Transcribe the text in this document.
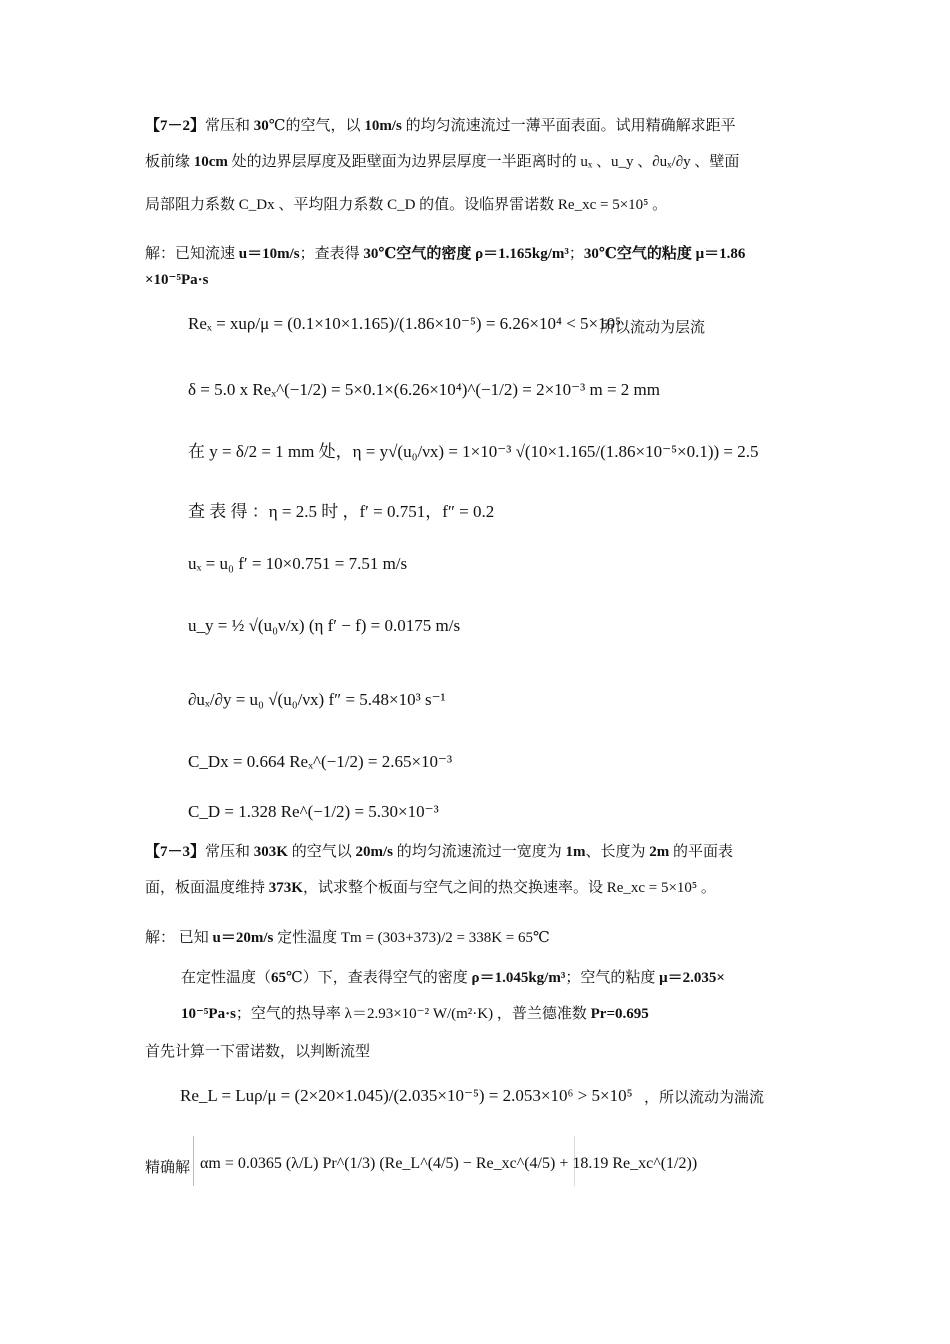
【7－2】常压和 30℃的空气，以 10m/s 的均匀流速流过一薄平面表面。试用精确解求距平
板前缘 10cm 处的边界层厚度及距壁面为边界层厚度一半距离时的 uₓ 、u_y 、∂uₓ/∂y 、壁面
局部阻力系数 C_Dx 、平均阻力系数 C_D 的值。设临界雷诺数 Re_xc = 5×10⁵ 。
解：已知流速 u＝10m/s；查表得 30℃空气的密度 ρ＝1.165kg/m³；30℃空气的粘度 μ＝1.86
×10⁻⁵Pa·s
Reₓ = xuρ/μ = (0.1×10×1.165)/(1.86×10⁻⁵) = 6.26×10⁴ < 5×10⁵
所以流动为层流
δ = 5.0 x Reₓ^(−1/2) = 5×0.1×(6.26×10⁴)^(−1/2) = 2×10⁻³ m = 2 mm
在 y = δ/2 = 1 mm 处，η = y√(u₀/νx) = 1×10⁻³ √(10×1.165/(1.86×10⁻⁵×0.1)) = 2.5
查 表 得 ：η = 2.5 时 ，f′ = 0.751，f″ = 0.2
uₓ = u₀ f′ = 10×0.751 = 7.51 m/s
u_y = ½ √(u₀ν/x) (η f′ − f) = 0.0175 m/s
∂uₓ/∂y = u₀ √(u₀/νx) f″ = 5.48×10³ s⁻¹
C_Dx = 0.664 Reₓ^(−1/2) = 2.65×10⁻³
C_D = 1.328 Re^(−1/2) = 5.30×10⁻³
【7－3】常压和 303K 的空气以 20m/s 的均匀流速流过一宽度为 1m、长度为 2m 的平面表
面，板面温度维持 373K，试求整个板面与空气之间的热交换速率。设 Re_xc = 5×10⁵ 。
解： 已知 u＝20m/s 定性温度 Tm = (303+373)/2 = 338K = 65℃
在定性温度（65℃）下，查表得空气的密度 ρ＝1.045kg/m³；空气的粘度 μ＝2.035×
10⁻⁵Pa·s；空气的热导率 λ＝2.93×10⁻² W/(m²·K) ，普兰德准数 Pr=0.695
首先计算一下雷诺数，以判断流型
Re_L = Luρ/μ = (2×20×1.045)/(2.035×10⁻⁵) = 2.053×10⁶ > 5×10⁵ ，所以流动为湍流
精确解 αm = 0.0365 (λ/L) Pr^(1/3) (Re_L^(4/5) − Re_xc^(4/5) + 18.19 Re_xc^(1/2))
